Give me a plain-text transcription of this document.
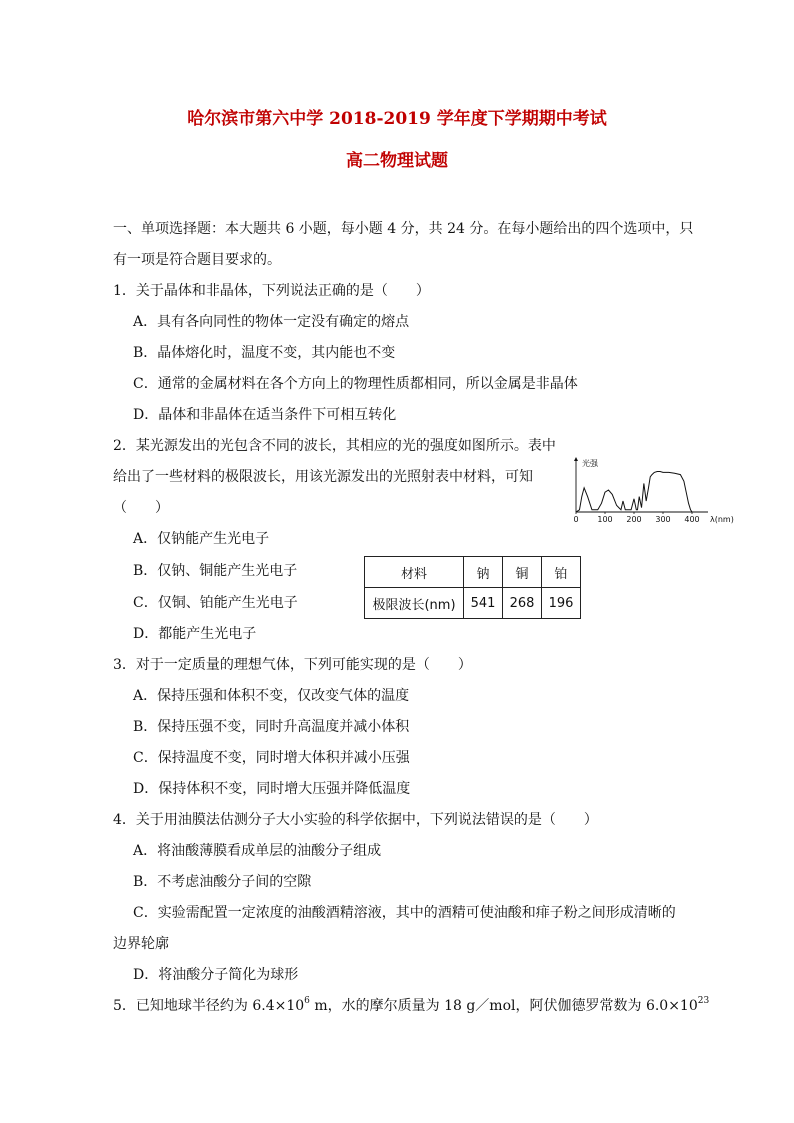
哈尔滨市第六中学 2018-2019 学年度下学期期中考试
高二物理试题
一、单项选择题：本大题共 6 小题，每小题 4 分，共 24 分。在每小题给出的四个选项中，只
有一项是符合题目要求的。
1．关于晶体和非晶体，下列说法正确的是（　　）
A．具有各向同性的物体一定没有确定的熔点
B．晶体熔化时，温度不变，其内能也不变
C．通常的金属材料在各个方向上的物理性质都相同，所以金属是非晶体
D．晶体和非晶体在适当条件下可相互转化
2．某光源发出的光包含不同的波长，其相应的光的强度如图所示。表中
给出了一些材料的极限波长，用该光源发出的光照射表中材料，可知
（　　）
A．仅钠能产生光电子
B．仅钠、铜能产生光电子
C．仅铜、铂能产生光电子
D．都能产生光电子
材料	钠	铜	铂
极限波长(nm)	541	268	196
光强
0 100 200 300 400 λ(nm)
3．对于一定质量的理想气体，下列可能实现的是（　　）
A．保持压强和体积不变，仅改变气体的温度
B．保持压强不变，同时升高温度并减小体积
C．保持温度不变，同时增大体积并减小压强
D．保持体积不变，同时增大压强并降低温度
4．关于用油膜法估测分子大小实验的科学依据中，下列说法错误的是（　　）
A．将油酸薄膜看成单层的油酸分子组成
B．不考虑油酸分子间的空隙
C．实验需配置一定浓度的油酸酒精溶液，其中的酒精可使油酸和痱子粉之间形成清晰的
边界轮廓
D．将油酸分子简化为球形
5．已知地球半径约为 $6.4\times 10^6$ m，水的摩尔质量为 18 g／mol，阿伏伽德罗常数为 $6.0\times 10^{23}$
